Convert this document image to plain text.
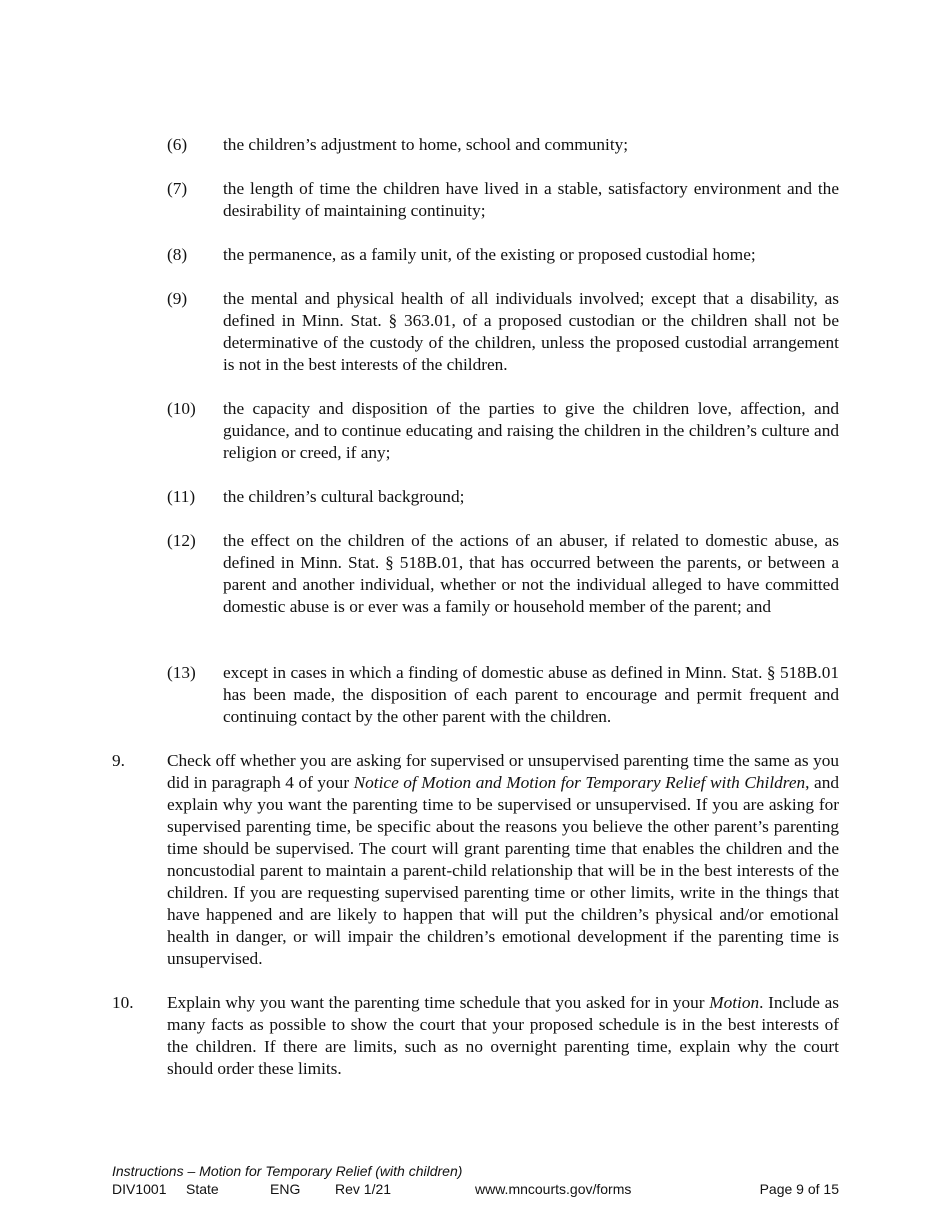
(6)	the children’s adjustment to home, school and community;
(7)	the length of time the children have lived in a stable, satisfactory environment and the desirability of maintaining continuity;
(8)	the permanence, as a family unit, of the existing or proposed custodial home;
(9)	the mental and physical health of all individuals involved; except that a disability, as defined in Minn. Stat. § 363.01, of a proposed custodian or the children shall not be determinative of the custody of the children, unless the proposed custodial arrangement is not in the best interests of the children.
(10)	the capacity and disposition of the parties to give the children love, affection, and guidance, and to continue educating and raising the children in the children’s culture and religion or creed, if any;
(11)	the children’s cultural background;
(12)	the effect on the children of the actions of an abuser, if related to domestic abuse, as defined in Minn. Stat. § 518B.01, that has occurred between the parents, or between a parent and another individual, whether or not the individual alleged to have committed domestic abuse is or ever was a family or household member of the parent; and
(13)	except in cases in which a finding of domestic abuse as defined in Minn. Stat. § 518B.01 has been made, the disposition of each parent to encourage and permit frequent and continuing contact by the other parent with the children.
9.	Check off whether you are asking for supervised or unsupervised parenting time the same as you did in paragraph 4 of your Notice of Motion and Motion for Temporary Relief with Children, and explain why you want the parenting time to be supervised or unsupervised. If you are asking for supervised parenting time, be specific about the reasons you believe the other parent’s parenting time should be supervised. The court will grant parenting time that enables the children and the noncustodial parent to maintain a parent-child relationship that will be in the best interests of the children. If you are requesting supervised parenting time or other limits, write in the things that have happened and are likely to happen that will put the children’s physical and/or emotional health in danger, or will impair the children’s emotional development if the parenting time is unsupervised.
10.	Explain why you want the parenting time schedule that you asked for in your Motion. Include as many facts as possible to show the court that your proposed schedule is in the best interests of the children. If there are limits, such as no overnight parenting time, explain why the court should order these limits.
Instructions – Motion for Temporary Relief (with children)
DIV1001 State	ENG Rev 1/21	www.mncourts.gov/forms	Page 9 of 15
